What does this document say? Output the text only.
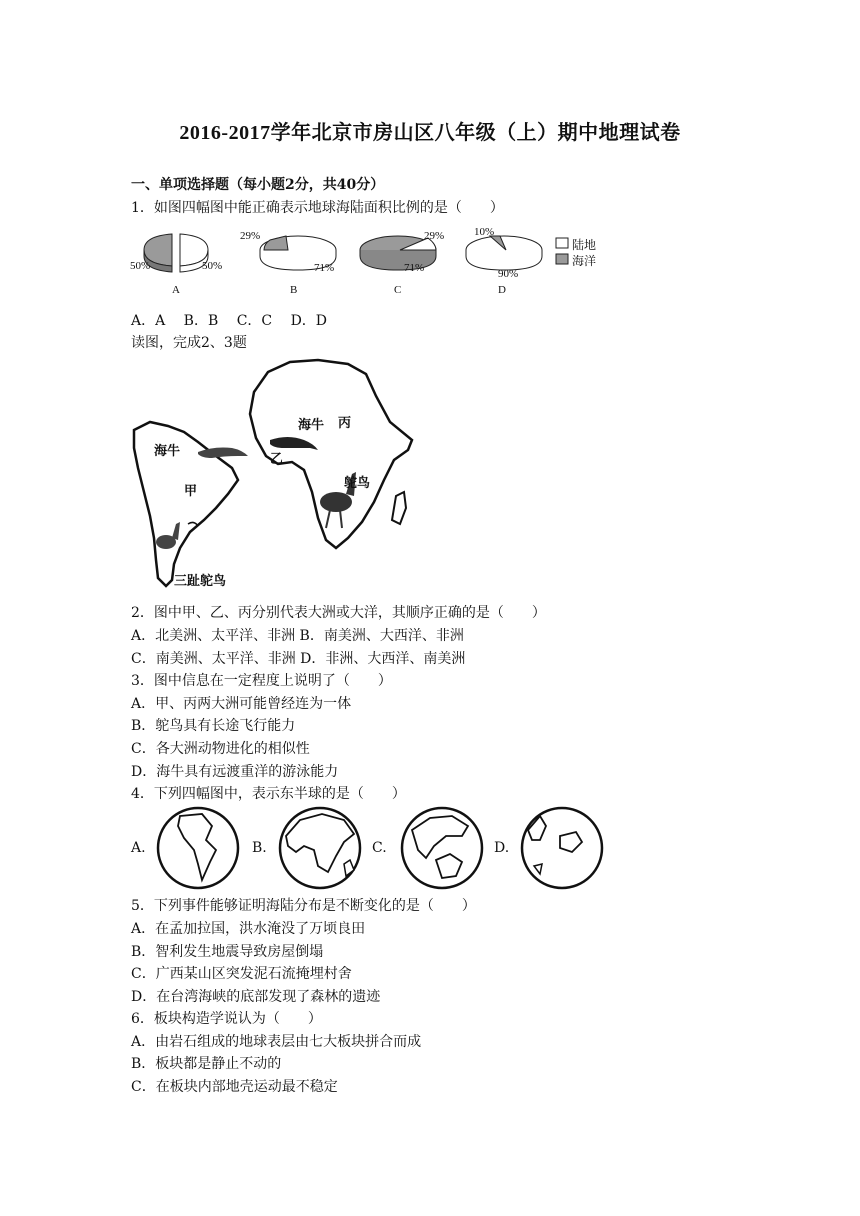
2016-2017学年北京市房山区八年级（上）期中地理试卷
一、单项选择题（每小题2分，共40分）
1．如图四幅图中能正确表示地球海陆面积比例的是（　　）
50%	50%
A
29%
71%
B
29%
71%
C
10%
90%
D
陆地
海洋
A．A　 B．B　 C．C　 D．D
读图，完成2、3题
海牛
甲
三趾鸵鸟
海牛 丙
乙
鸵鸟
2．图中甲、乙、丙分别代表大洲或大洋，其顺序正确的是（　　）
A．北美洲、太平洋、非洲 B．南美洲、大西洋、非洲
C．南美洲、太平洋、非洲 D．非洲、大西洋、南美洲
3．图中信息在一定程度上说明了（　　）
A．甲、丙两大洲可能曾经连为一体
B．鸵鸟具有长途飞行能力
C．各大洲动物进化的相似性
D．海牛具有远渡重洋的游泳能力
4．下列四幅图中，表示东半球的是（　　）
A.	B.	C.	D.
5．下列事件能够证明海陆分布是不断变化的是（　　）
A．在孟加拉国，洪水淹没了万顷良田
B．智利发生地震导致房屋倒塌
C．广西某山区突发泥石流掩埋村舍
D．在台湾海峡的底部发现了森林的遗迹
6．板块构造学说认为（　　）
A．由岩石组成的地球表层由七大板块拼合而成
B．板块都是静止不动的
C．在板块内部地壳运动最不稳定
